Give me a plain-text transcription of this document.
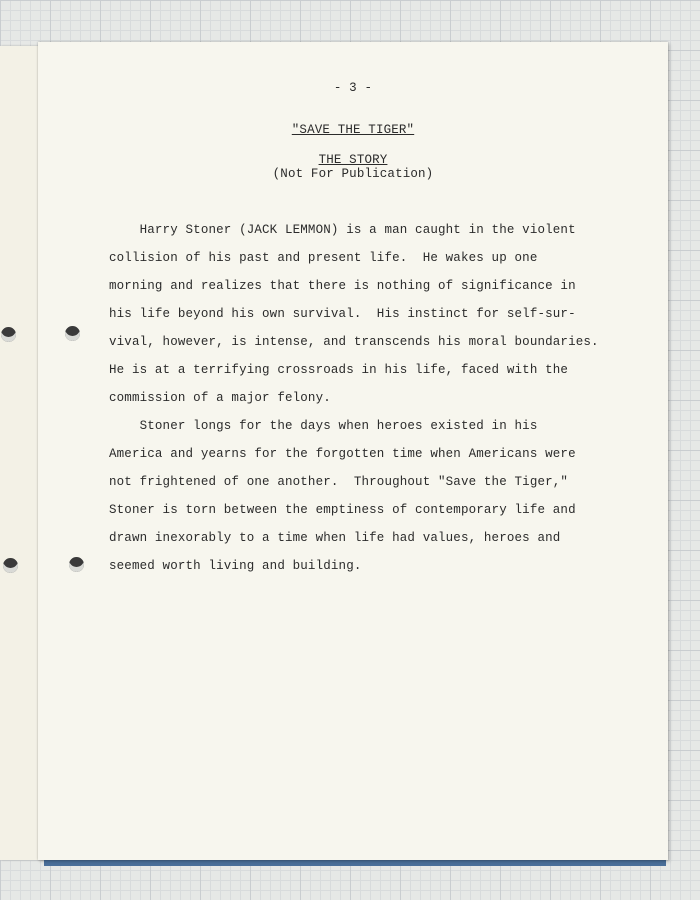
- 3 -
"SAVE THE TIGER"
THE STORY
(Not For Publication)
Harry Stoner (JACK LEMMON) is a man caught in the violent
collision of his past and present life.  He wakes up one
morning and realizes that there is nothing of significance in
his life beyond his own survival.  His instinct for self-sur-
vival, however, is intense, and transcends his moral boundaries.
He is at a terrifying crossroads in his life, faced with the
commission of a major felony.
Stoner longs for the days when heroes existed in his
America and yearns for the forgotten time when Americans were
not frightened of one another.  Throughout "Save the Tiger,"
Stoner is torn between the emptiness of contemporary life and
drawn inexorably to a time when life had values, heroes and
seemed worth living and building.
